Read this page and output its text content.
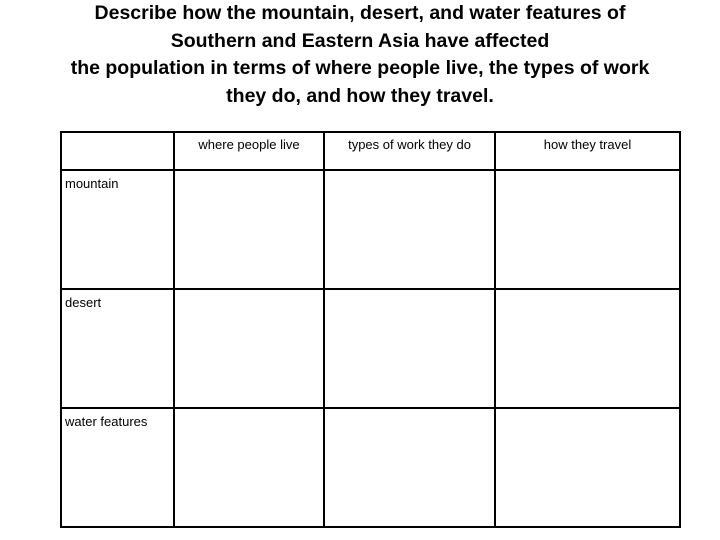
Describe how the mountain, desert, and water features of
Southern and Eastern Asia have affected
the population in terms of where people live, the types of work
they do, and how they travel.
	where people live	types of work they do	how they travel
mountain			
desert			
water features			
